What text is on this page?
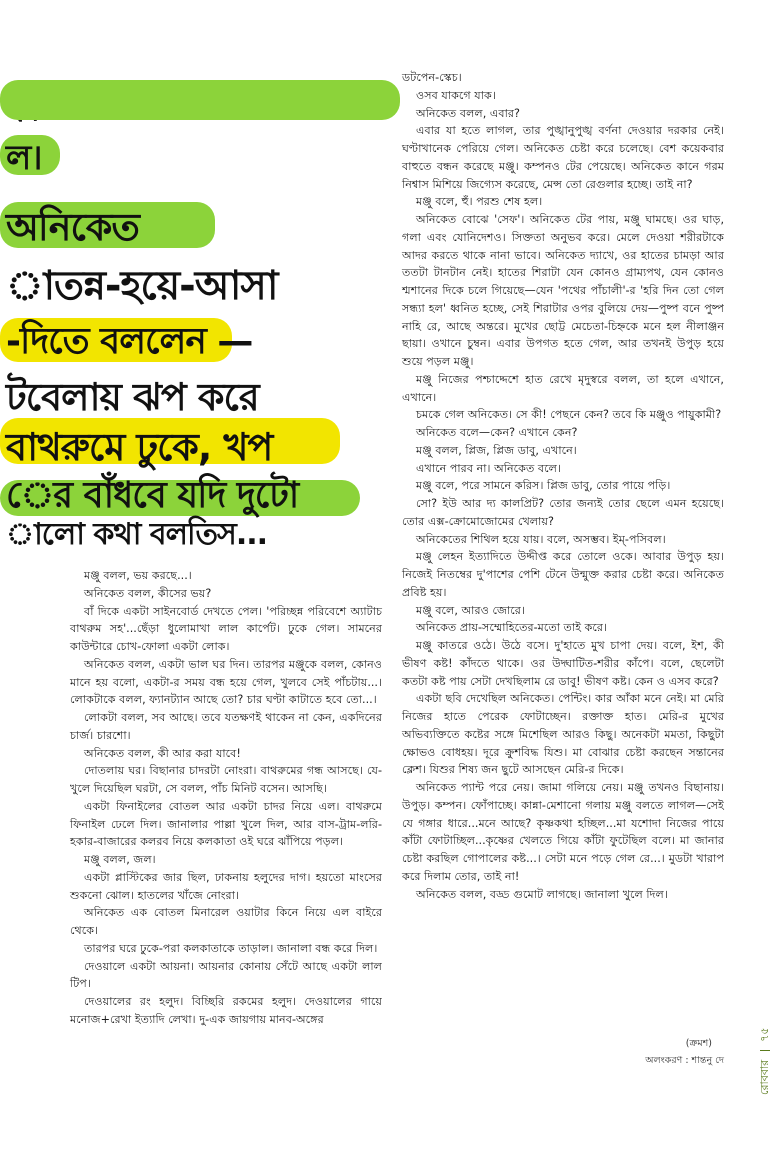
ল।
অনিকেত
াতন্ন-হয়ে-আসা
-দিতে বললেন —
টবেলায় ঝপ করে
বাথরুমে ঢুকে, খপ
ের বাঁধবে যদি দুটো
ালো কথা বলতিস...

মঞ্জু বলল, ভয় করছে...।

অনিকেত বলল, কীসের ভয়?

বাঁ দিকে একটা সাইনবোর্ড দেখতে পেল। 'পরিচ্ছন্ন পরিবেশে অ্যাটাচ বাথরুম সহ'...ছেঁড়া ধুলোমাখা লাল কার্পেট। ঢুকে গেল। সামনের কাউন্টারে চোখ-ফোলা একটা লোক।

অনিকেত বলল, একটা ভাল ঘর দিন। তারপর মঞ্জুকে বলল, কোনও মানে হয় বলো, একটা-র সময় বন্ধ হয়ে গেল, খুলবে সেই পাঁচটায়...। লোকটাকে বলল, ফ্যানট্যান আছে তো? চার ঘণ্টা কাটাতে হবে তো...।

লোকটা বলল, সব আছে। তবে যতক্ষণই থাকেন না কেন, একদিনের চার্জ। চারশো।

অনিকেত বলল, কী আর করা যাবে!

দোতলায় ঘর। বিছানার চাদরটা নোংরা। বাথরুমের গন্ধ আসছে। যে-খুলে দিয়েছিল ঘরটা, সে বলল, পাঁচ মিনিট বসেন। আসছি।

একটা ফিনাইলের বোতল আর একটা চাদর নিয়ে এল। বাথরুমে ফিনাইল ঢেলে দিল। জানালার পাল্লা খুলে দিল, আর বাস-ট্রাম-লরি-হকার-বাজারের কলরব নিয়ে কলকাতা ওই ঘরে ঝাঁপিয়ে পড়ল।

মঞ্জু বলল, জল।

একটা প্লাস্টিকের জার ছিল, ঢাকনায় হলুদের দাগ। হয়তো মাংসের শুকনো ঝোল। হাতলের খাঁজে নোংরা।

অনিকেত এক বোতল মিনারেল ওয়াটার কিনে নিয়ে এল বাইরে থেকে।

তারপর ঘরে ঢুকে-পরা কলকাতাকে তাড়াল। জানালা বন্ধ করে দিল।

দেওয়ালে একটা আয়না। আয়নার কোনায় সেঁটে আছে একটা লাল টিপ।

দেওয়ালের রং হলুদ। বিচ্ছিরি রকমের হলুদ। দেওয়ালের গায়ে মনোজ+রেখা ইত্যাদি লেখা। দু-এক জায়গায় মানব-অঙ্গের

ডটপেন-স্কেচ।

ওসব যাকগে যাক।

অনিকেত বলল, এবার?

এবার যা হতে লাগল, তার পুঙ্খানুপুঙ্খ বর্ণনা দেওয়ার দরকার নেই। ঘণ্টাখানেক পেরিয়ে গেল। অনিকেত চেষ্টা করে চলেছে। বেশ কয়েকবার বাহুতে বন্ধন করেছে মঞ্জু। কম্পনও টের পেয়েছে। অনিকেত কানে গরম নিশ্বাস মিশিয়ে জিগ্যেস করেছে, মেন্স তো রেগুলার হচ্ছে। তাই না?

মঞ্জু বলে, হুঁ। পরশু শেষ হল।

অনিকেত বোঝে 'সেফ'। অনিকেত টের পায়, মঞ্জু ঘামছে। ওর ঘাড়, গলা এবং যোনিদেশও। সিক্ততা অনুভব করে। মেলে দেওয়া শরীরটাকে আদর করতে থাকে নানা ভাবে। অনিকেত দ্যাখে, ওর হাতের চামড়া আর ততটা টানটান নেই। হাতের শিরাটা যেন কোনও গ্রাম্যপথ, যেন কোনও শ্মশানের দিকে চলে গিয়েছে—যেন 'পথের পাঁচালী'-র 'হরি দিন তো গেল সন্ধ্যা হল' ধ্বনিত হচ্ছে, সেই শিরাটার ওপর বুলিয়ে দেয়—পুষ্প বনে পুষ্প নাহি রে, আছে অন্তরে। মুখের ছোট্ট মেচেতা-চিহ্নকে মনে হল নীলাঞ্জন ছায়া। ওখানে চুম্বন। এবার উপগত হতে গেল, আর তখনই উপুড় হয়ে শুয়ে পড়ল মঞ্জু।

মঞ্জু নিজের পশ্চাদ্দেশে হাত রেখে মৃদুস্বরে বলল, তা হলে এখানে, এখানে।

চমকে গেল অনিকেত। সে কী! পেছনে কেন? তবে কি মঞ্জুও পায়ুকামী?

অনিকেত বলে—কেন? এখানে কেন?

মঞ্জু বলল, প্লিজ, প্লিজ ডাবু, এখানে।

এখানে পারব না। অনিকেত বলে।

মঞ্জু বলে, পরে সামনে করিস। প্লিজ ডাবু, তোর পায়ে পড়ি।

সো? ইউ আর দ্য কালপ্রিট? তোর জন্যই তোর ছেলে এমন হয়েছে। তোর এক্স-ক্রোমোজোমের খেলায়?

অনিকেতের শিথিল হয়ে যায়। বলে, অসম্ভব। ইম্-পসিবল।

মঞ্জু লেহন ইত্যাদিতে উদ্দীপ্ত করে তোলে ওকে। আবার উপুড় হয়। নিজেই নিতম্বের দু'পাশের পেশি টেনে উন্মুক্ত করার চেষ্টা করে। অনিকেত প্রবিষ্ট হয়।

মঞ্জু বলে, আরও জোরে।

অনিকেত প্রায়-সম্মোহিতের-মতো তাই করে।

মঞ্জু কাতরে ওঠে। উঠে বসে। দু'হাতে মুখ চাপা দেয়। বলে, ইশ, কী ভীষণ কষ্ট! কাঁদতে থাকে। ওর উদ্ঘাটিত-শরীর কাঁপে। বলে, ছেলেটা কতটা কষ্ট পায় সেটা দেখছিলাম রে ডাবু! ভীষণ কষ্ট। কেন ও এসব করে?

একটা ছবি দেখেছিল অনিকেত। পেন্টিং। কার আঁকা মনে নেই। মা মেরি নিজের হাতে পেরেক ফোটাচ্ছেন। রক্তাক্ত হাত। মেরি-র মুখের অভিব্যক্তিতে কষ্টের সঙ্গে মিশেছিল আরও কিছু। অনেকটা মমতা, কিছুটা ক্ষোভও বোধহয়। দূরে ক্রুশবিদ্ধ যিশু। মা বোঝার চেষ্টা করছেন সন্তানের ক্লেশ। যিশুর শিষ্য জন ছুটে আসছেন মেরি-র দিকে।

অনিকেত প্যান্ট পরে নেয়। জামা গলিয়ে নেয়। মঞ্জু তখনও বিছানায়। উপুড়। কম্পন। ফোঁপাচ্ছে। কান্না-মেশানো গলায় মঞ্জু বলতে লাগল—সেই যে গঙ্গার ধারে...মনে আছে? কৃষ্ণকথা হচ্ছিল...মা যশোদা নিজের পায়ে কাঁটা ফোটাচ্ছিল...কৃষ্ণের খেলতে গিয়ে কাঁটা ফুটেছিল বলে। মা জানার চেষ্টা করছিল গোপালের কষ্ট...। সেটা মনে পড়ে গেল রে...। মুডটা খারাপ করে দিলাম তোর, তাই না!

অনিকেত বলল, বড্ড গুমোট লাগছে। জানালা খুলে দিল।

(ক্রমশ)
অলংকরণ : শান্তনু দে	রোববার  ৭৫
